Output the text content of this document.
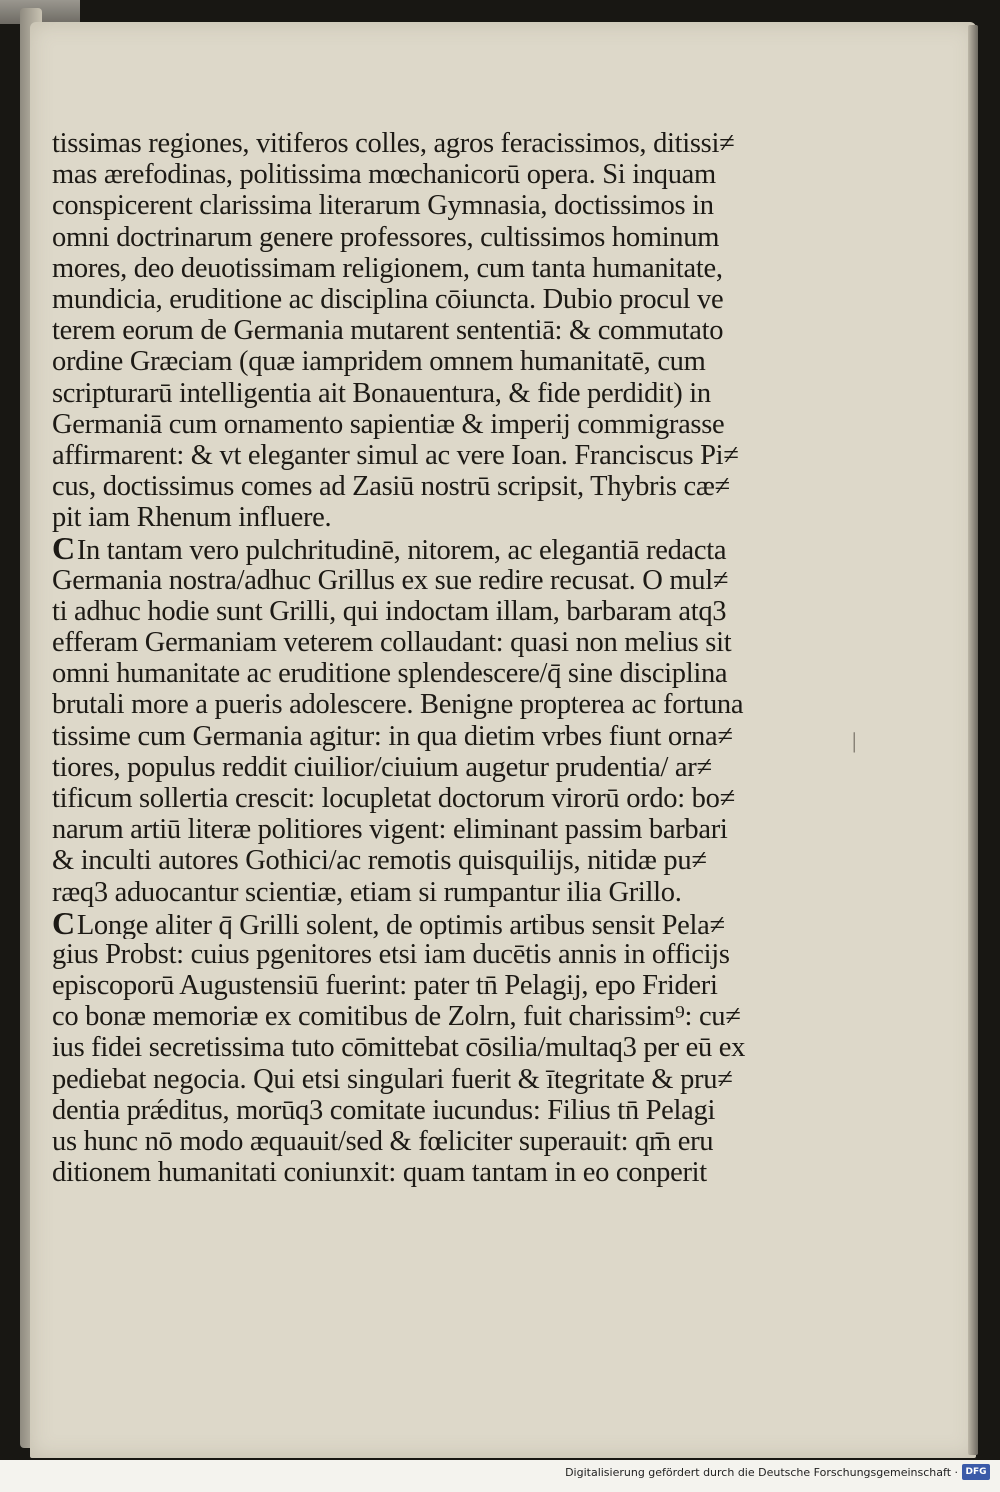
tissimas regiones, vitiferos colles, agros feracissimos, ditissi≠
mas ærefodinas, politissima mœchanicorū opera. Si inquam
conspicerent clarissima literarum Gymnasia, doctissimos in
omni doctrinarum genere professores, cultissimos hominum
mores, deo deuotissimam religionem, cum tanta humanitate,
mundicia, eruditione ac disciplina cōiuncta. Dubio procul ve
terem eorum de Germania mutarent sententiā: & commutato
ordine Græciam (quæ iampridem omnem humanitatē, cum
scripturarū intelligentia ait Bonauentura, & fide perdidit) in
Germaniā cum ornamento sapientiæ & imperij commigrasse
affirmarent: & vt eleganter simul ac vere Ioan. Franciscus Pi≠
cus, doctissimus comes ad Zasiū nostrū scripsit, Thybris cæ≠
pit iam Rhenum influere.
CIn tantam vero pulchritudinē, nitorem, ac elegantiā redacta
Germania nostra/adhuc Grillus ex sue redire recusat. O mul≠
ti adhuc hodie sunt Grilli, qui indoctam illam, barbaram atq3
efferam Germaniam veterem collaudant: quasi non melius sit
omni humanitate ac eruditione splendescere/q̄ sine disciplina
brutali more a pueris adolescere. Benigne propterea ac fortuna
tissime cum Germania agitur: in qua dietim vrbes fiunt orna≠
tiores, populus reddit ciuilior/ciuium augetur prudentia/ ar≠
tificum sollertia crescit: locupletat doctorum virorū ordo: bo≠
narum artiū literæ politiores vigent: eliminant passim barbari
& inculti autores Gothici/ac remotis quisquilijs, nitidæ pu≠
ræq3 aduocantur scientiæ, etiam si rumpantur ilia Grillo.
CLonge aliter q̄ Grilli solent, de optimis artibus sensit Pela≠
gius Probst: cuius pgenitores etsi iam ducētis annis in officijs
episcoporū Augustensiū fuerint: pater tn̄ Pelagij, epo Frideri
co bonæ memoriæ ex comitibus de Zolrn, fuit charissim⁹: cu≠
ius fidei secretissima tuto cōmittebat cōsilia/multaq3 per eū ex
pediebat negocia. Qui etsi singulari fuerit & ītegritate & pru≠
dentia prǽditus, morūq3 comitate iucundus: Filius tn̄ Pelagi
us hunc nō modo æquauit/sed & fœliciter superauit: qm̄ eru
ditionem humanitati coniunxit: quam tantam in eo conperit
|
Digitalisierung gefördert durch die Deutsche Forschungsgemeinschaft · DFG
